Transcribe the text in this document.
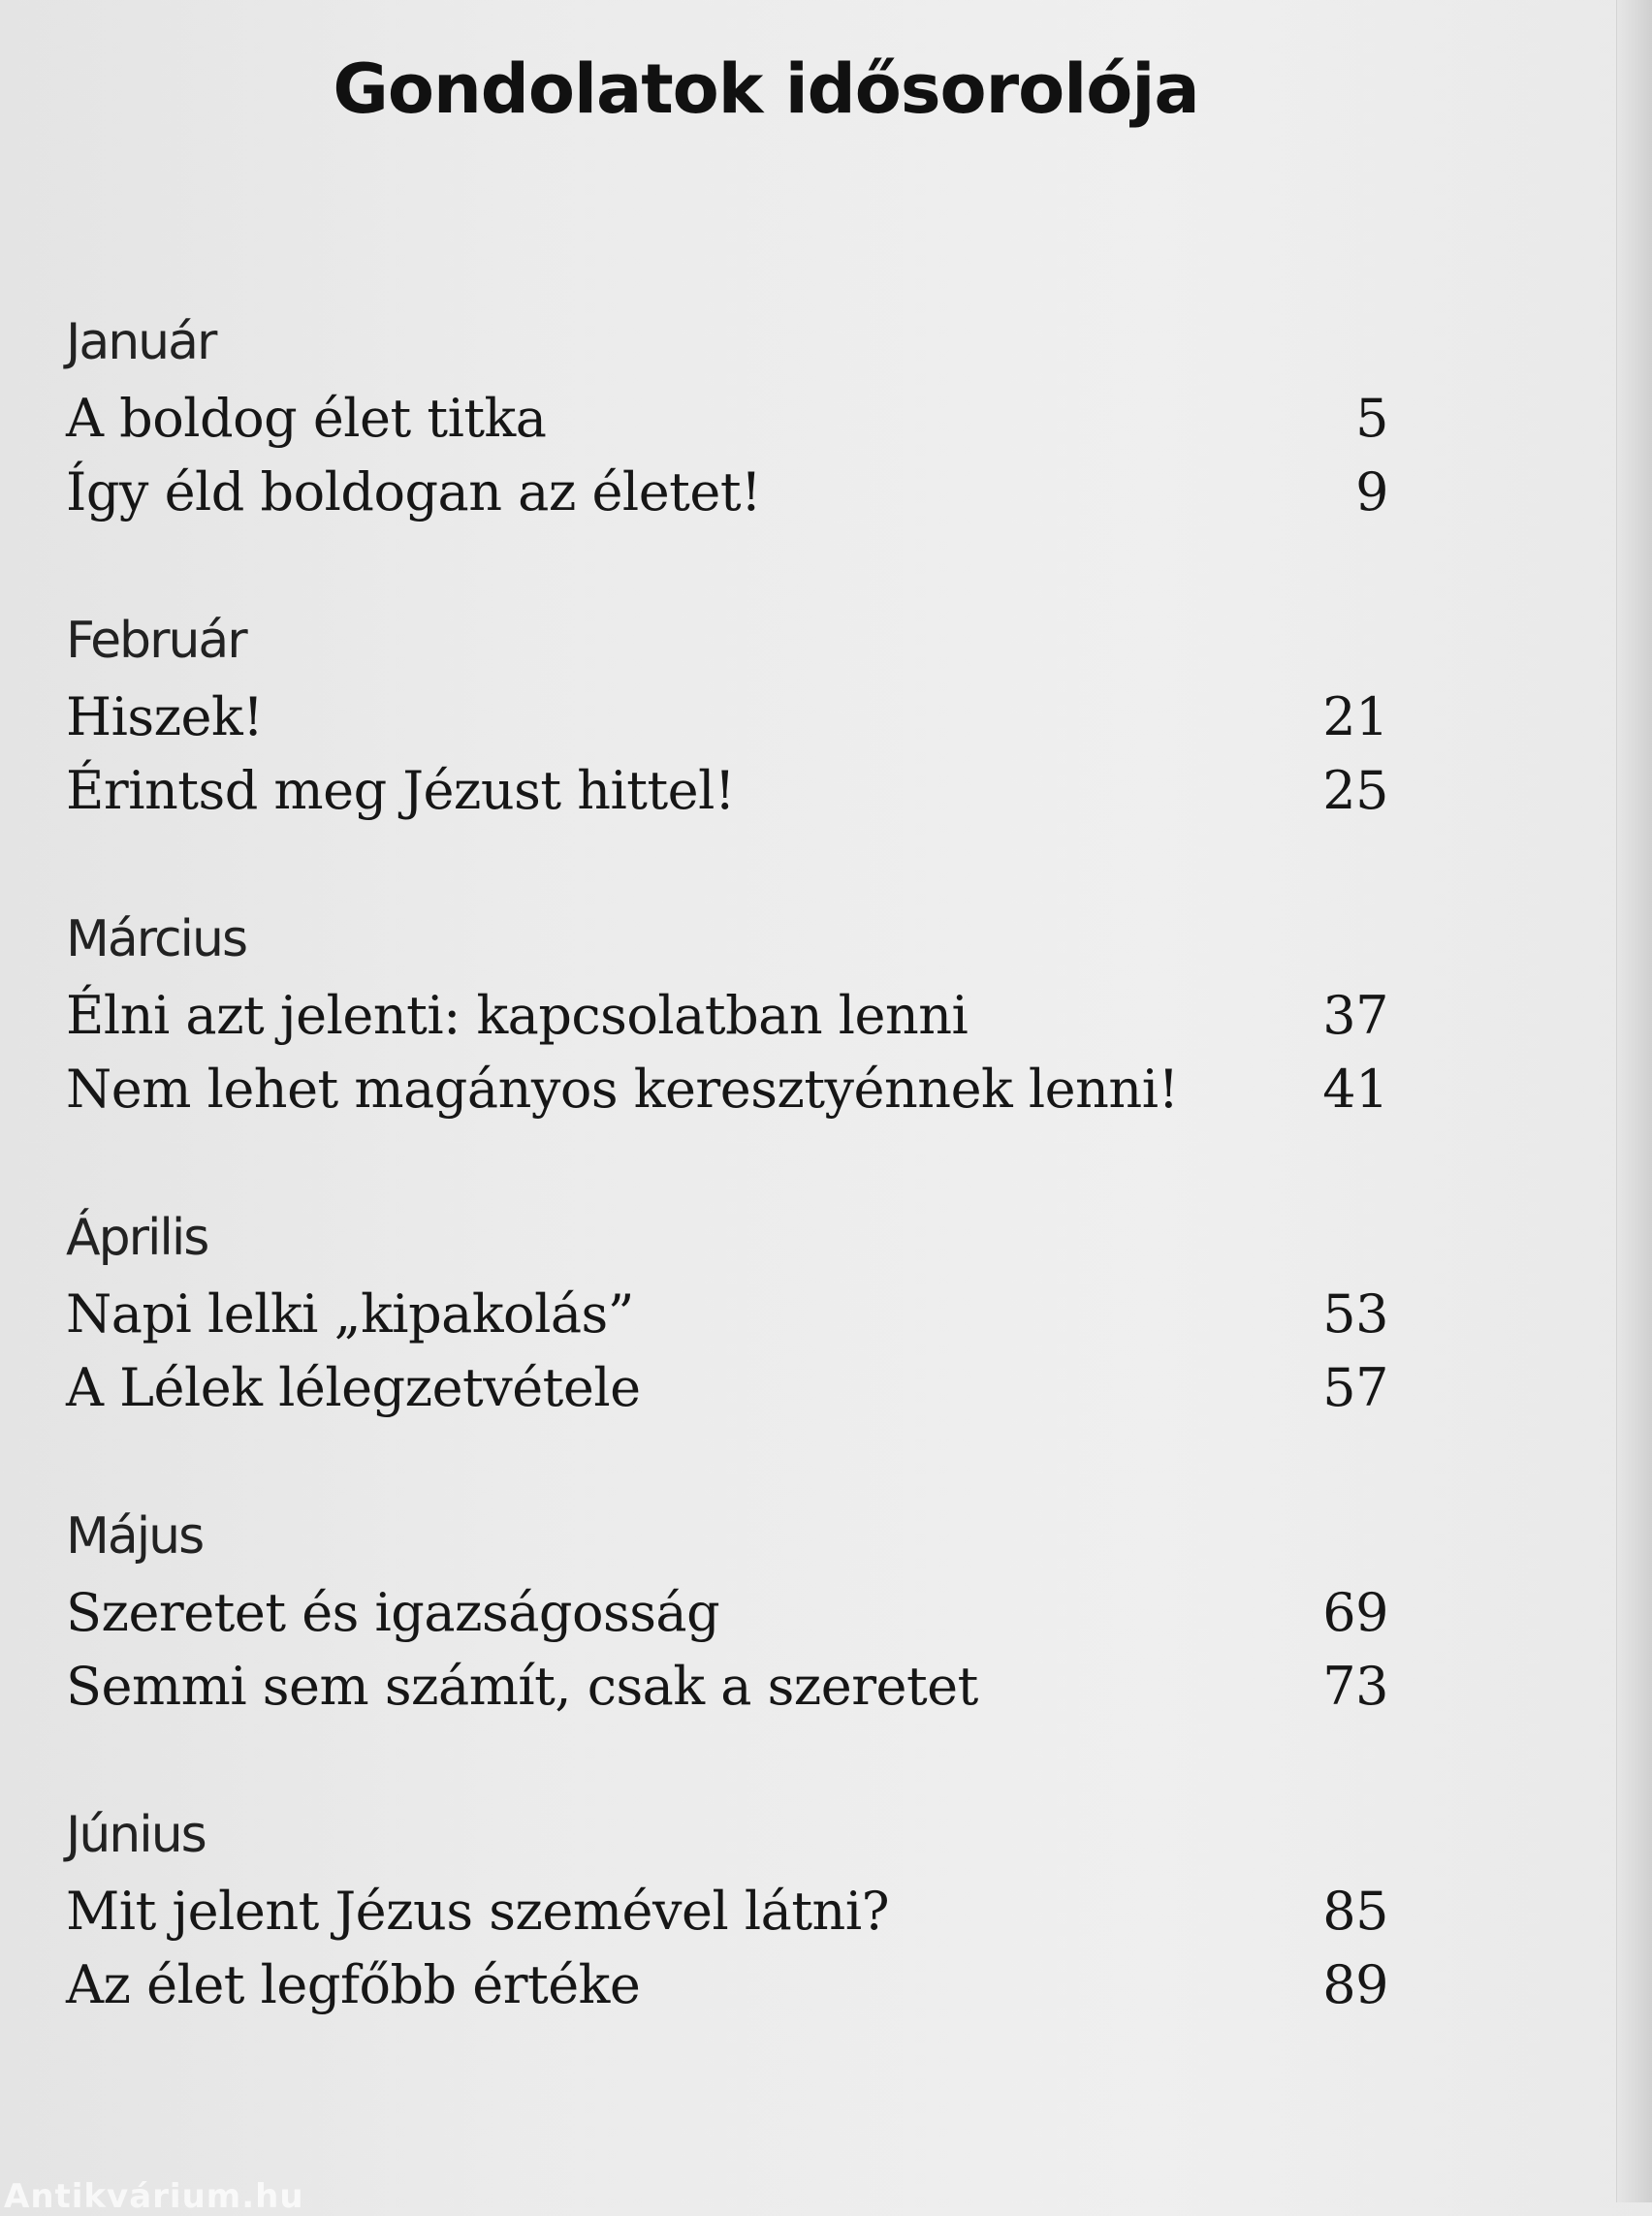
Gondolatok idősorolója
Január
A boldog élet titka	5
Így éld boldogan az életet!	9
Február
Hiszek!	21
Érintsd meg Jézust hittel!	25
Március
Élni azt jelenti: kapcsolatban lenni	37
Nem lehet magányos keresztyénnek lenni!	41
Április
Napi lelki „kipakolás”	53
A Lélek lélegzetvétele	57
Május
Szeretet és igazságosság	69
Semmi sem számít, csak a szeretet	73
Június
Mit jelent Jézus szemével látni?	85
Az élet legfőbb értéke	89
Antikvárium.hu
